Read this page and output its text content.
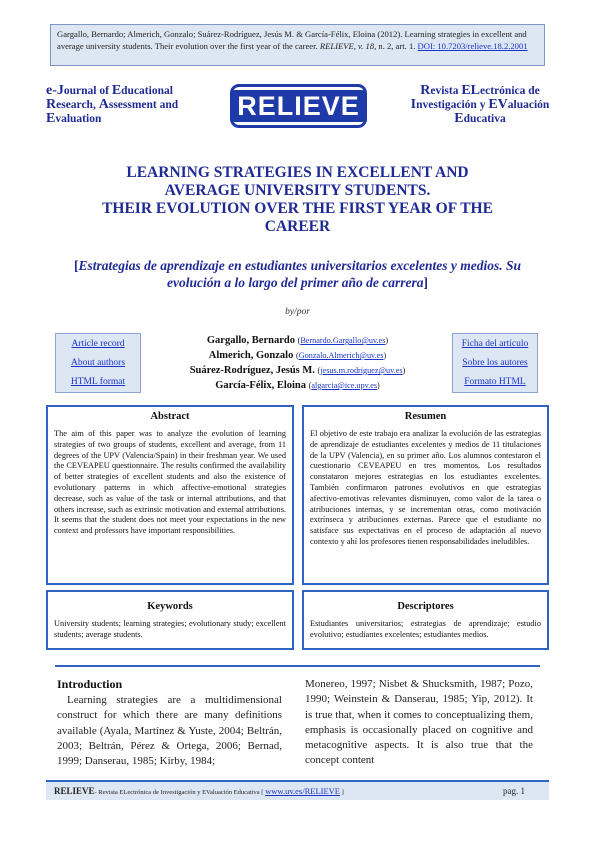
Gargallo, Bernardo; Almerich, Gonzalo; Suárez-Rodríguez, Jesús M. & García-Félix, Eloina (2012). Learning strategies in excellent and average university students. Their evolution over the first year of the career. RELIEVE, v. 18, n. 2, art. 1. DOI: 10.7203/relieve.18.2.2001
e-Journal of Educational
Research, Assessment and
Evaluation	RELIEVE
Revista ELectrónica de
Investigación y EValuación
Educativa
LEARNING STRATEGIES IN EXCELLENT AND
AVERAGE UNIVERSITY STUDENTS.
THEIR EVOLUTION OVER THE FIRST YEAR OF THE
CAREER
[Estrategias de aprendizaje en estudiantes universitarios excelentes y medios. Su evolución a lo largo del primer año de carrera]
by/por
Article record
About authors
HTML format
Gargallo, Bernardo (Bernardo.Gargallo@uv.es)
Almerich, Gonzalo (Gonzalo.Almerich@uv.es)
Suárez-Rodríguez, Jesús M. (jesus.m.rodriguez@uv.es)
García-Félix, Eloina (algarcia@ice.upv.es)
Ficha del artículo
Sobre los autores
Formato HTML
Abstract

The aim of this paper was to analyze the evolution of learning strategies of two groups of students, excellent and average, from 11 degrees of the UPV (Valencia/Spain) in their freshman year. We used the CEVEAPEU questionnaire. The results confirmed the availability of better strategies of excellent students and also the existence of evolutionary patterns in which affective-emotional strategies decrease, such as value of the task or internal attributions, and that others increase, such as extrinsic motivation and external attributions. It seems that the student does not meet your expectations in the new context and professors have important responsibilities.

Resumen

El objetivo de este trabajo era analizar la evolución de las estrategias de aprendizaje de estudiantes excelentes y medios de 11 titulaciones de la UPV (Valencia), en su primer año. Los alumnos contestaron el cuestionario CEVEAPEU en tres momentos. Los resultados constataron mejores estrategias en los estudiantes excelentes. También confirmaron patrones evolutivos en que estrategias afectivo-emotivas relevantes disminuyen, como valor de la tarea o atribuciones internas, y se incrementan otras, como motivación extrínseca y atribuciones externas. Parece que el estudiante no satisface sus expectativas en el proceso de adaptación al nuevo contexto y ahí los profesores tienen responsabilidades ineludibles.

Keywords

University students; learning strategies; evolutionary study; excellent students; average students.

Descriptores

Estudiantes universitarios; estrategias de aprendizaje; estudio evolutivo; estudiantes excelentes; estudiantes medios.

Introduction

Learning strategies are a multidimensional construct for which there are many definitions available (Ayala, Martínez & Yuste, 2004; Beltrán, 2003; Beltrán, Pérez & Ortega, 2006; Bernad, 1999; Danserau, 1985; Kirby, 1984;

Monereo, 1997; Nisbet & Shucksmith, 1987; Pozo, 1990; Weinstein & Danserau, 1985; Yip, 2012). It is true that, when it comes to conceptualizing them, emphasis is occasionally placed on cognitive and metacognitive aspects. It is also true that the concept content

RELIEVE- Revista ELectrónica de Investigación y EValuación Educativa [ www.uv.es/RELIEVE ]	pag. 1
